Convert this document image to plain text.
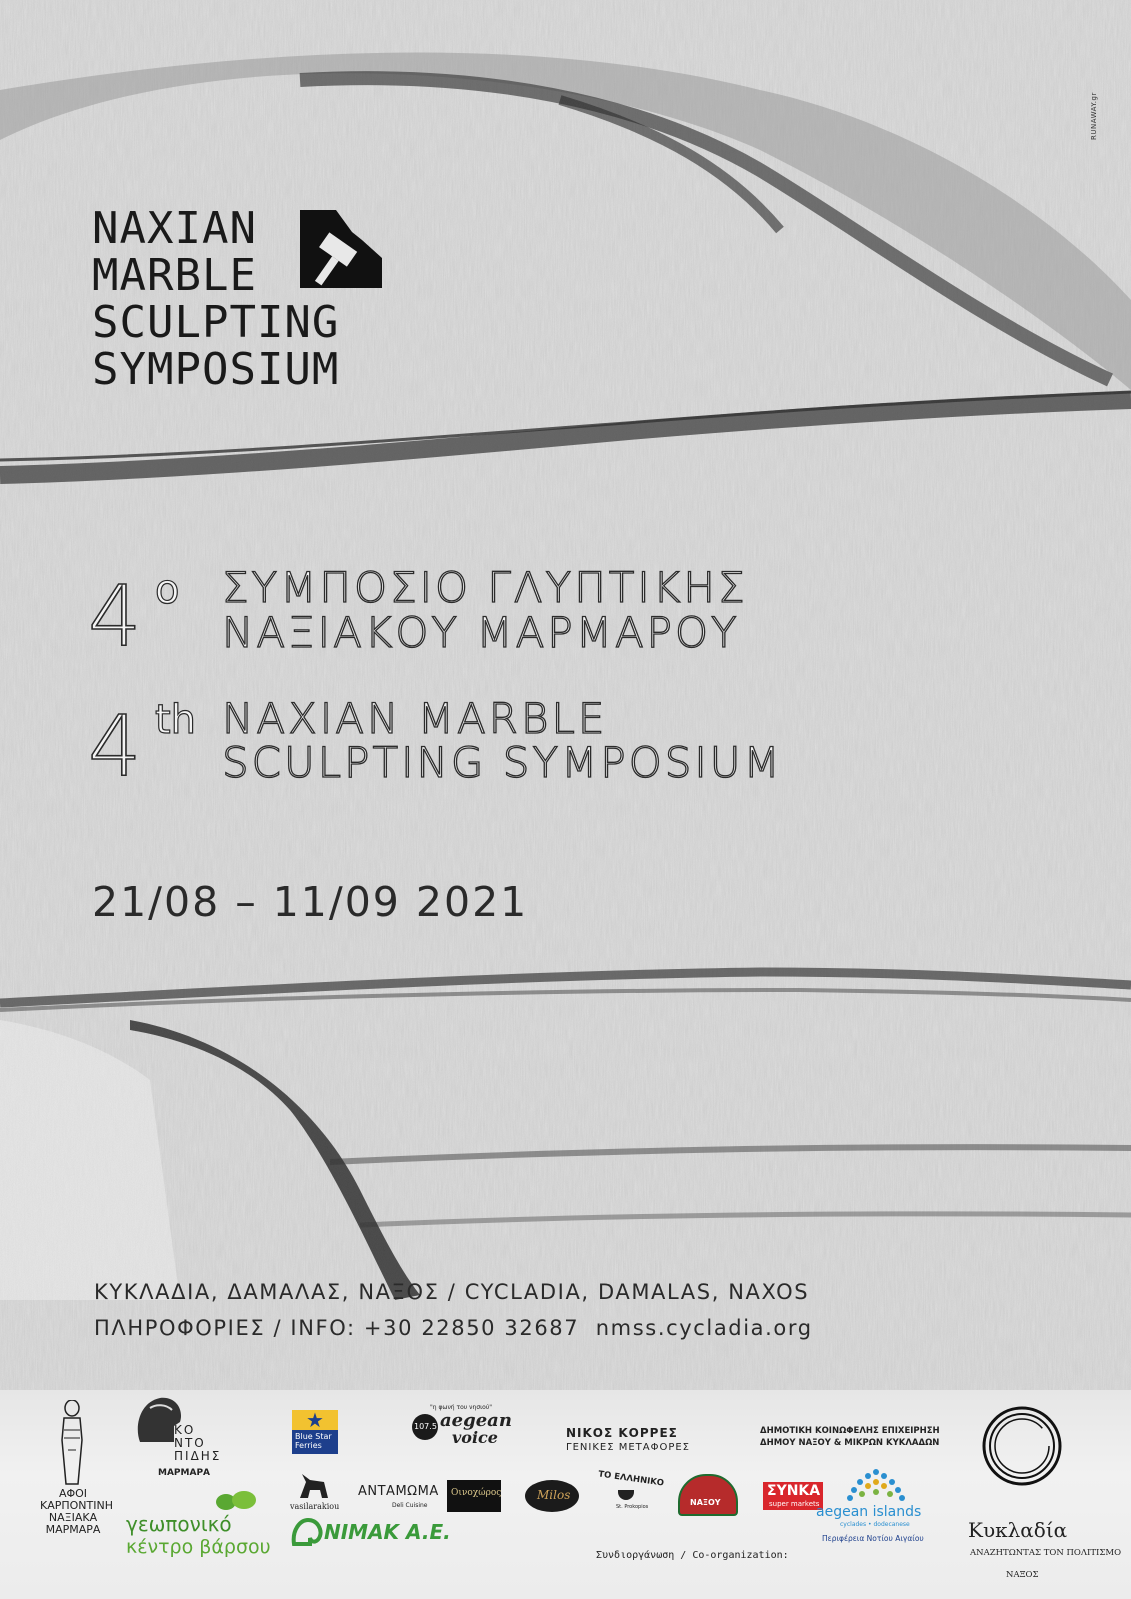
RUNAWAY.gr
NAXIAN
MARBLE
SCULPTING
SYMPOSIUM
4 ο ΣΥΜΠΟΣΙΟ ΓΛΥΠΤΙΚΗΣ
ΝΑΞΙΑΚΟΥ ΜΑΡΜΑΡΟΥ
4 th NAXIAN MARBLE
SCULPTING SYMPOSIUM
21/08 – 11/09 2021
ΚΥΚΛΑΔΙΑ, ΔΑΜΑΛΑΣ, ΝΑΞΟΣ / CYCLADIA, DAMALAS, NAXOS
ΠΛΗΡΟΦΟΡΙΕΣ / INFO: +30 22850 32687 nmss.cycladia.org
ΑΦΟΙ
ΚΑΡΠΟΝΤΙΝΗ
ΝΑΞΙΑΚΑ
ΜΑΡΜΑΡΑ
ΚΟ
ΝΤΟ
ΠΙΔΗΣ
ΜΑΡΜΑΡΑ
★
Blue Star
Ferries
"η φωνή του νησιού"
107.5 aegean
voice	ΝΙΚΟΣ ΚΟΡΡΕΣ
ΓΕΝΙΚΕΣ ΜΕΤΑΦΟΡΕΣ
ΔΗΜΟΤΙΚΗ ΚΟΙΝΩΦΕΛΗΣ ΕΠΙΧΕΙΡΗΣΗ
ΔΗΜΟΥ ΝΑΞΟΥ & ΜΙΚΡΩΝ ΚΥΚΛΑΔΩΝ
Κυκλαδία
ΑΝΑΖΗΤΩΝΤΑΣ ΤΟΝ ΠΟΛΙΤΙΣΜΟ
ΝΑΞΟΣ
vasilarakiou
ΑΝΤΑΜΩΜΑ
Deli Cuisine
Οινοχώρος	Milos
ΤΟ ΕΛΛΗΝΙΚΟ
St. Prokopios	ΝΑΞΟΥ
ΣYNKA
super markets
aegean islands
cyclades • dodecanese
Περιφέρεια Νοτίου Αιγαίου
γεωπονικό
κέντρο βάρσου
NIMAK A.E.
Συνδιοργάνωση / Co-organization:
